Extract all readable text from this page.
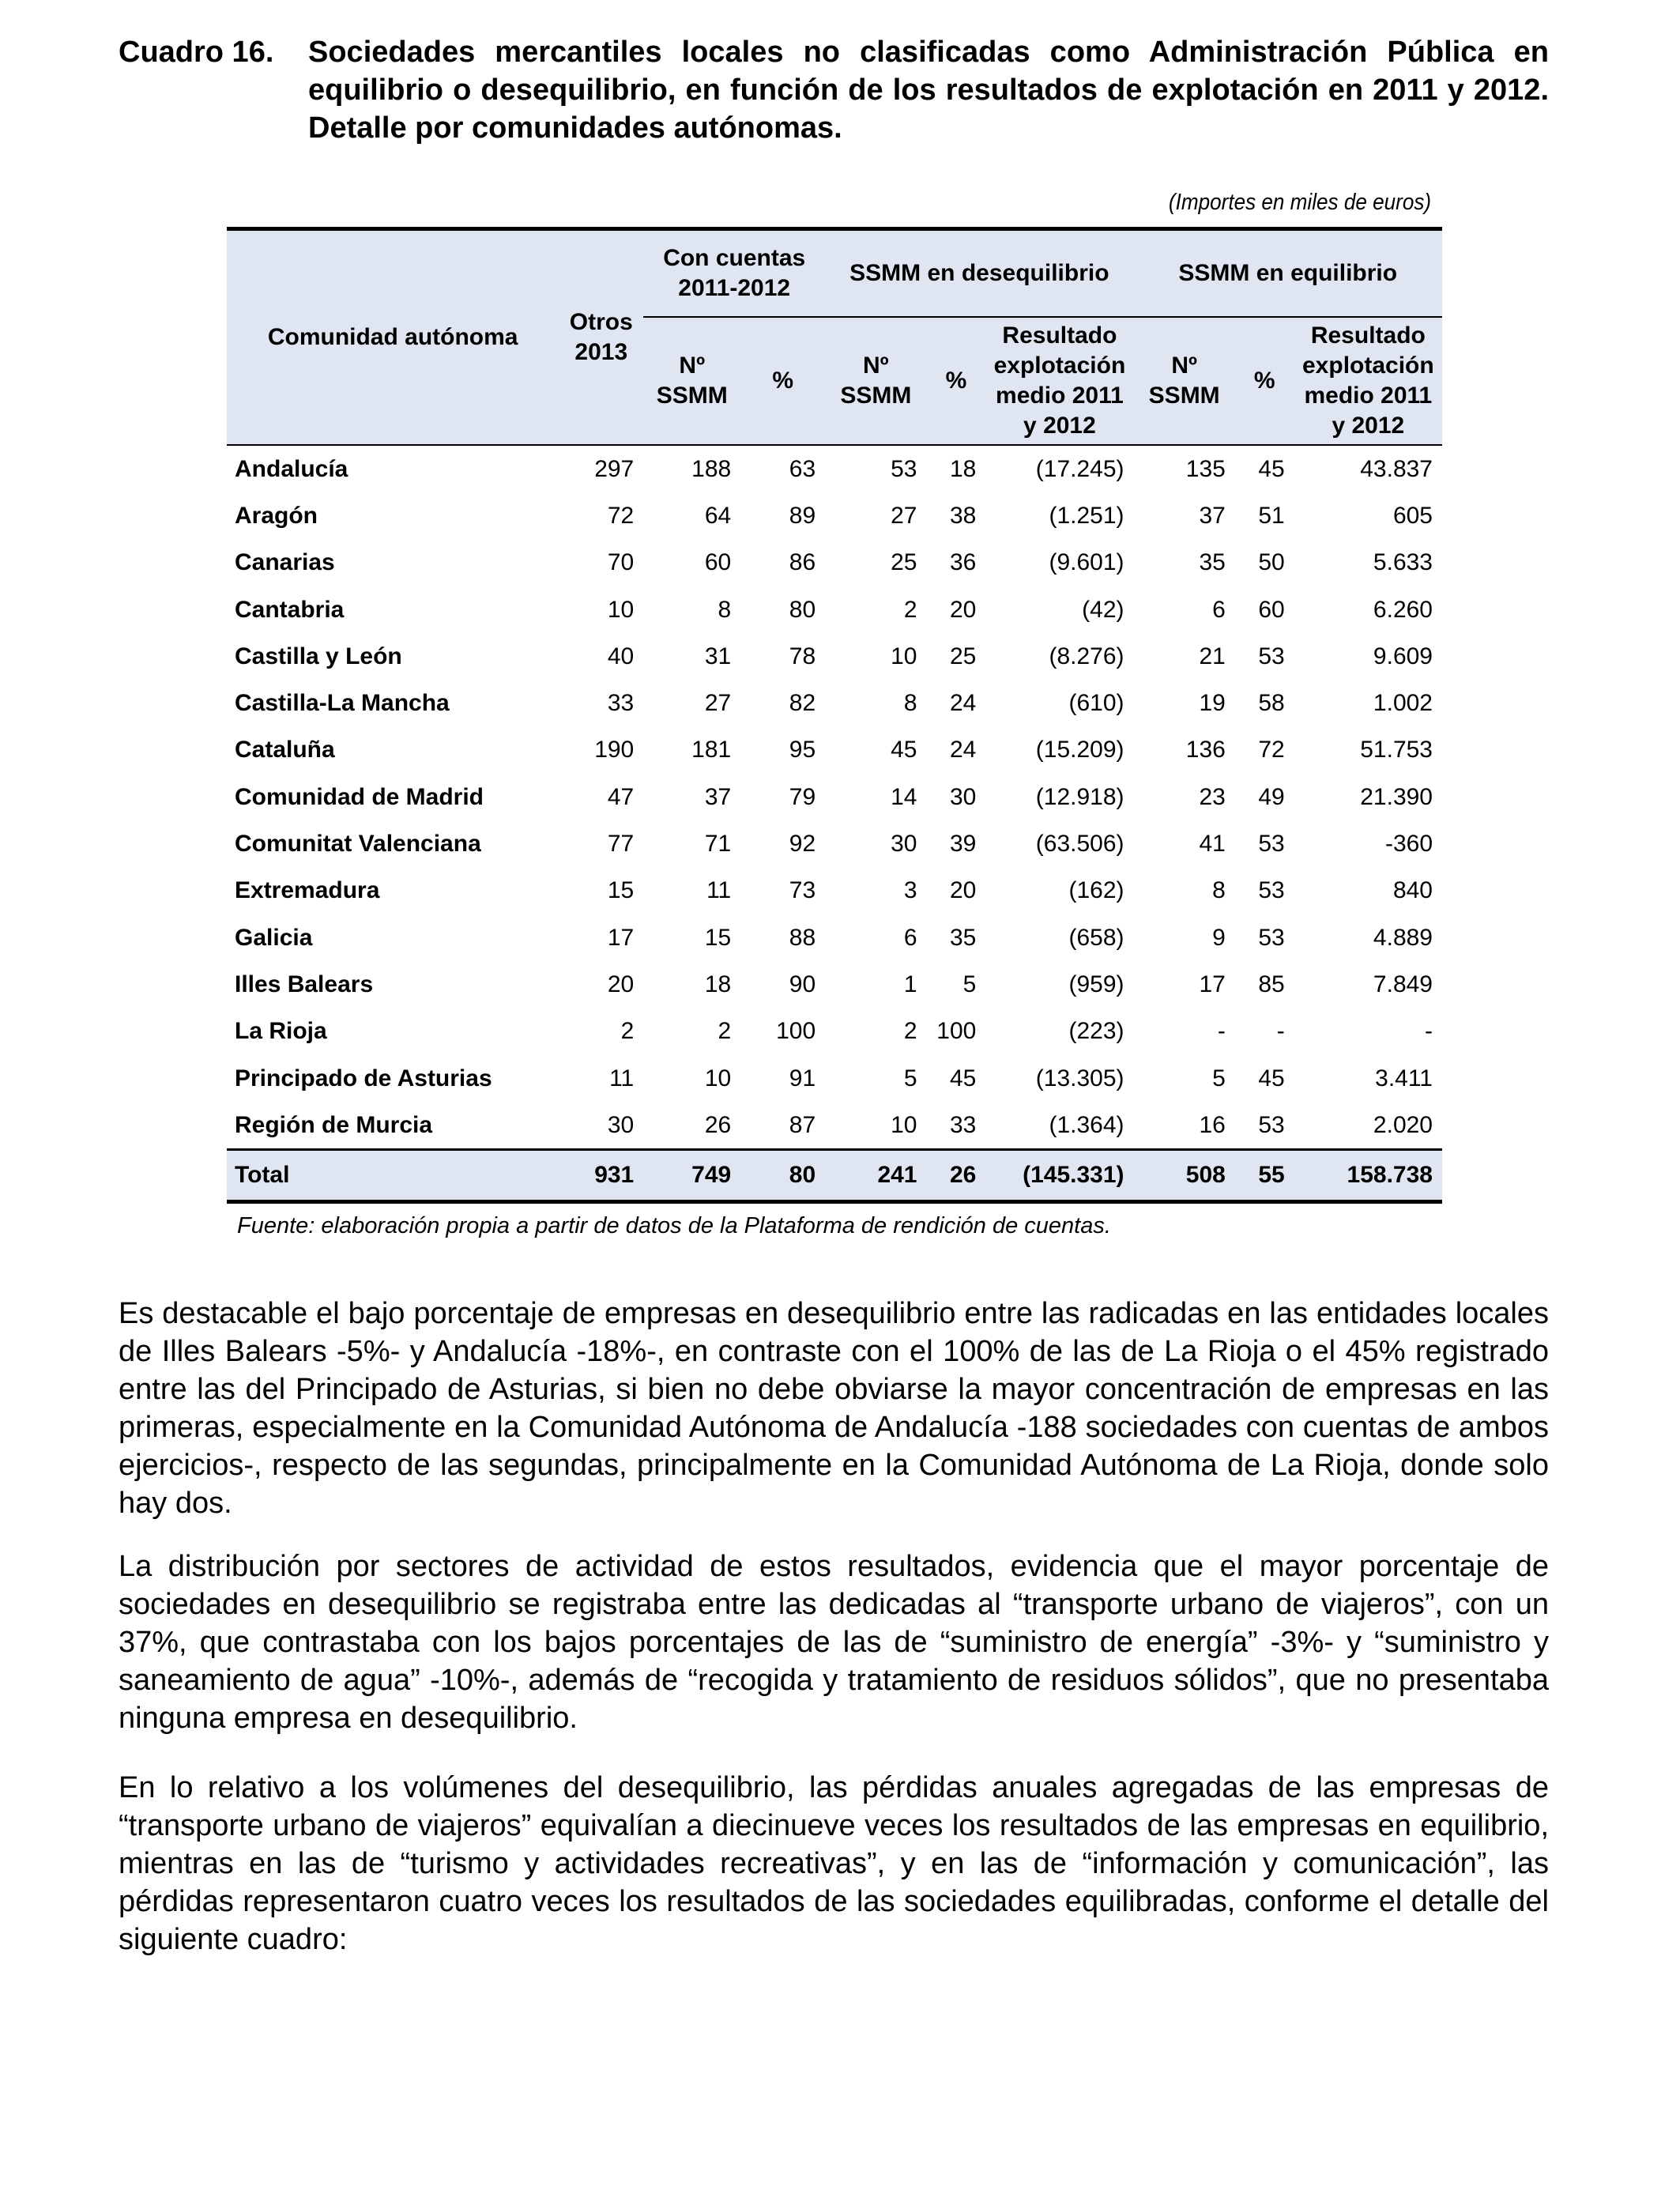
Cuadro 16.	Sociedades mercantiles locales no clasificadas como Administración Pública en equilibrio o desequilibrio, en función de los resultados de explotación en 2011 y 2012. Detalle por comunidades autónomas.
(Importes en miles de euros)
Comunidad autónoma	Otros 2013	Con cuentas 2011-2012		SSMM en desequilibrio			SSMM en equilibrio		
		Nº SSMM	%	Nº SSMM	%	Resultado explotación medio 2011 y 2012	Nº SSMM	%	Resultado explotación medio 2011 y 2012
Andalucía	297	188	63	53	18	(17.245)	135	45	43.837
Aragón	72	64	89	27	38	(1.251)	37	51	605
Canarias	70	60	86	25	36	(9.601)	35	50	5.633
Cantabria	10	8	80	2	20	(42)	6	60	6.260
Castilla y León	40	31	78	10	25	(8.276)	21	53	9.609
Castilla-La Mancha	33	27	82	8	24	(610)	19	58	1.002
Cataluña	190	181	95	45	24	(15.209)	136	72	51.753
Comunidad de Madrid	47	37	79	14	30	(12.918)	23	49	21.390
Comunitat Valenciana	77	71	92	30	39	(63.506)	41	53	-360
Extremadura	15	11	73	3	20	(162)	8	53	840
Galicia	17	15	88	6	35	(658)	9	53	4.889
Illes Balears	20	18	90	1	5	(959)	17	85	7.849
La Rioja	2	2	100	2	100	(223)	-	-	-
Principado de Asturias	11	10	91	5	45	(13.305)	5	45	3.411
Región de Murcia	30	26	87	10	33	(1.364)	16	53	2.020
Total	931	749	80	241	26	(145.331)	508	55	158.738
Fuente: elaboración propia a partir de datos de la Plataforma de rendición de cuentas.

Es destacable el bajo porcentaje de empresas en desequilibrio entre las radicadas en las entidades locales de Illes Balears -5%- y Andalucía -18%-, en contraste con el 100% de las de La Rioja o el 45% registrado entre las del Principado de Asturias, si bien no debe obviarse la mayor concentración de empresas en las primeras, especialmente en la Comunidad Autónoma de Andalucía -188 sociedades con cuentas de ambos ejercicios-, respecto de las segundas, principalmente en la Comunidad Autónoma de La Rioja, donde solo hay dos.

La distribución por sectores de actividad de estos resultados, evidencia que el mayor porcentaje de sociedades en desequilibrio se registraba entre las dedicadas al “transporte urbano de viajeros”, con un 37%, que contrastaba con los bajos porcentajes de las de “suministro de energía” -3%- y “suministro y saneamiento de agua” -10%-, además de “recogida y tratamiento de residuos sólidos”, que no presentaba ninguna empresa en desequilibrio.

En lo relativo a los volúmenes del desequilibrio, las pérdidas anuales agregadas de las empresas de “transporte urbano de viajeros” equivalían a diecinueve veces los resultados de las empresas en equilibrio, mientras en las de “turismo y actividades recreativas”, y en las de “información y comunicación”, las pérdidas representaron cuatro veces los resultados de las sociedades equilibradas, conforme el detalle del siguiente cuadro:
